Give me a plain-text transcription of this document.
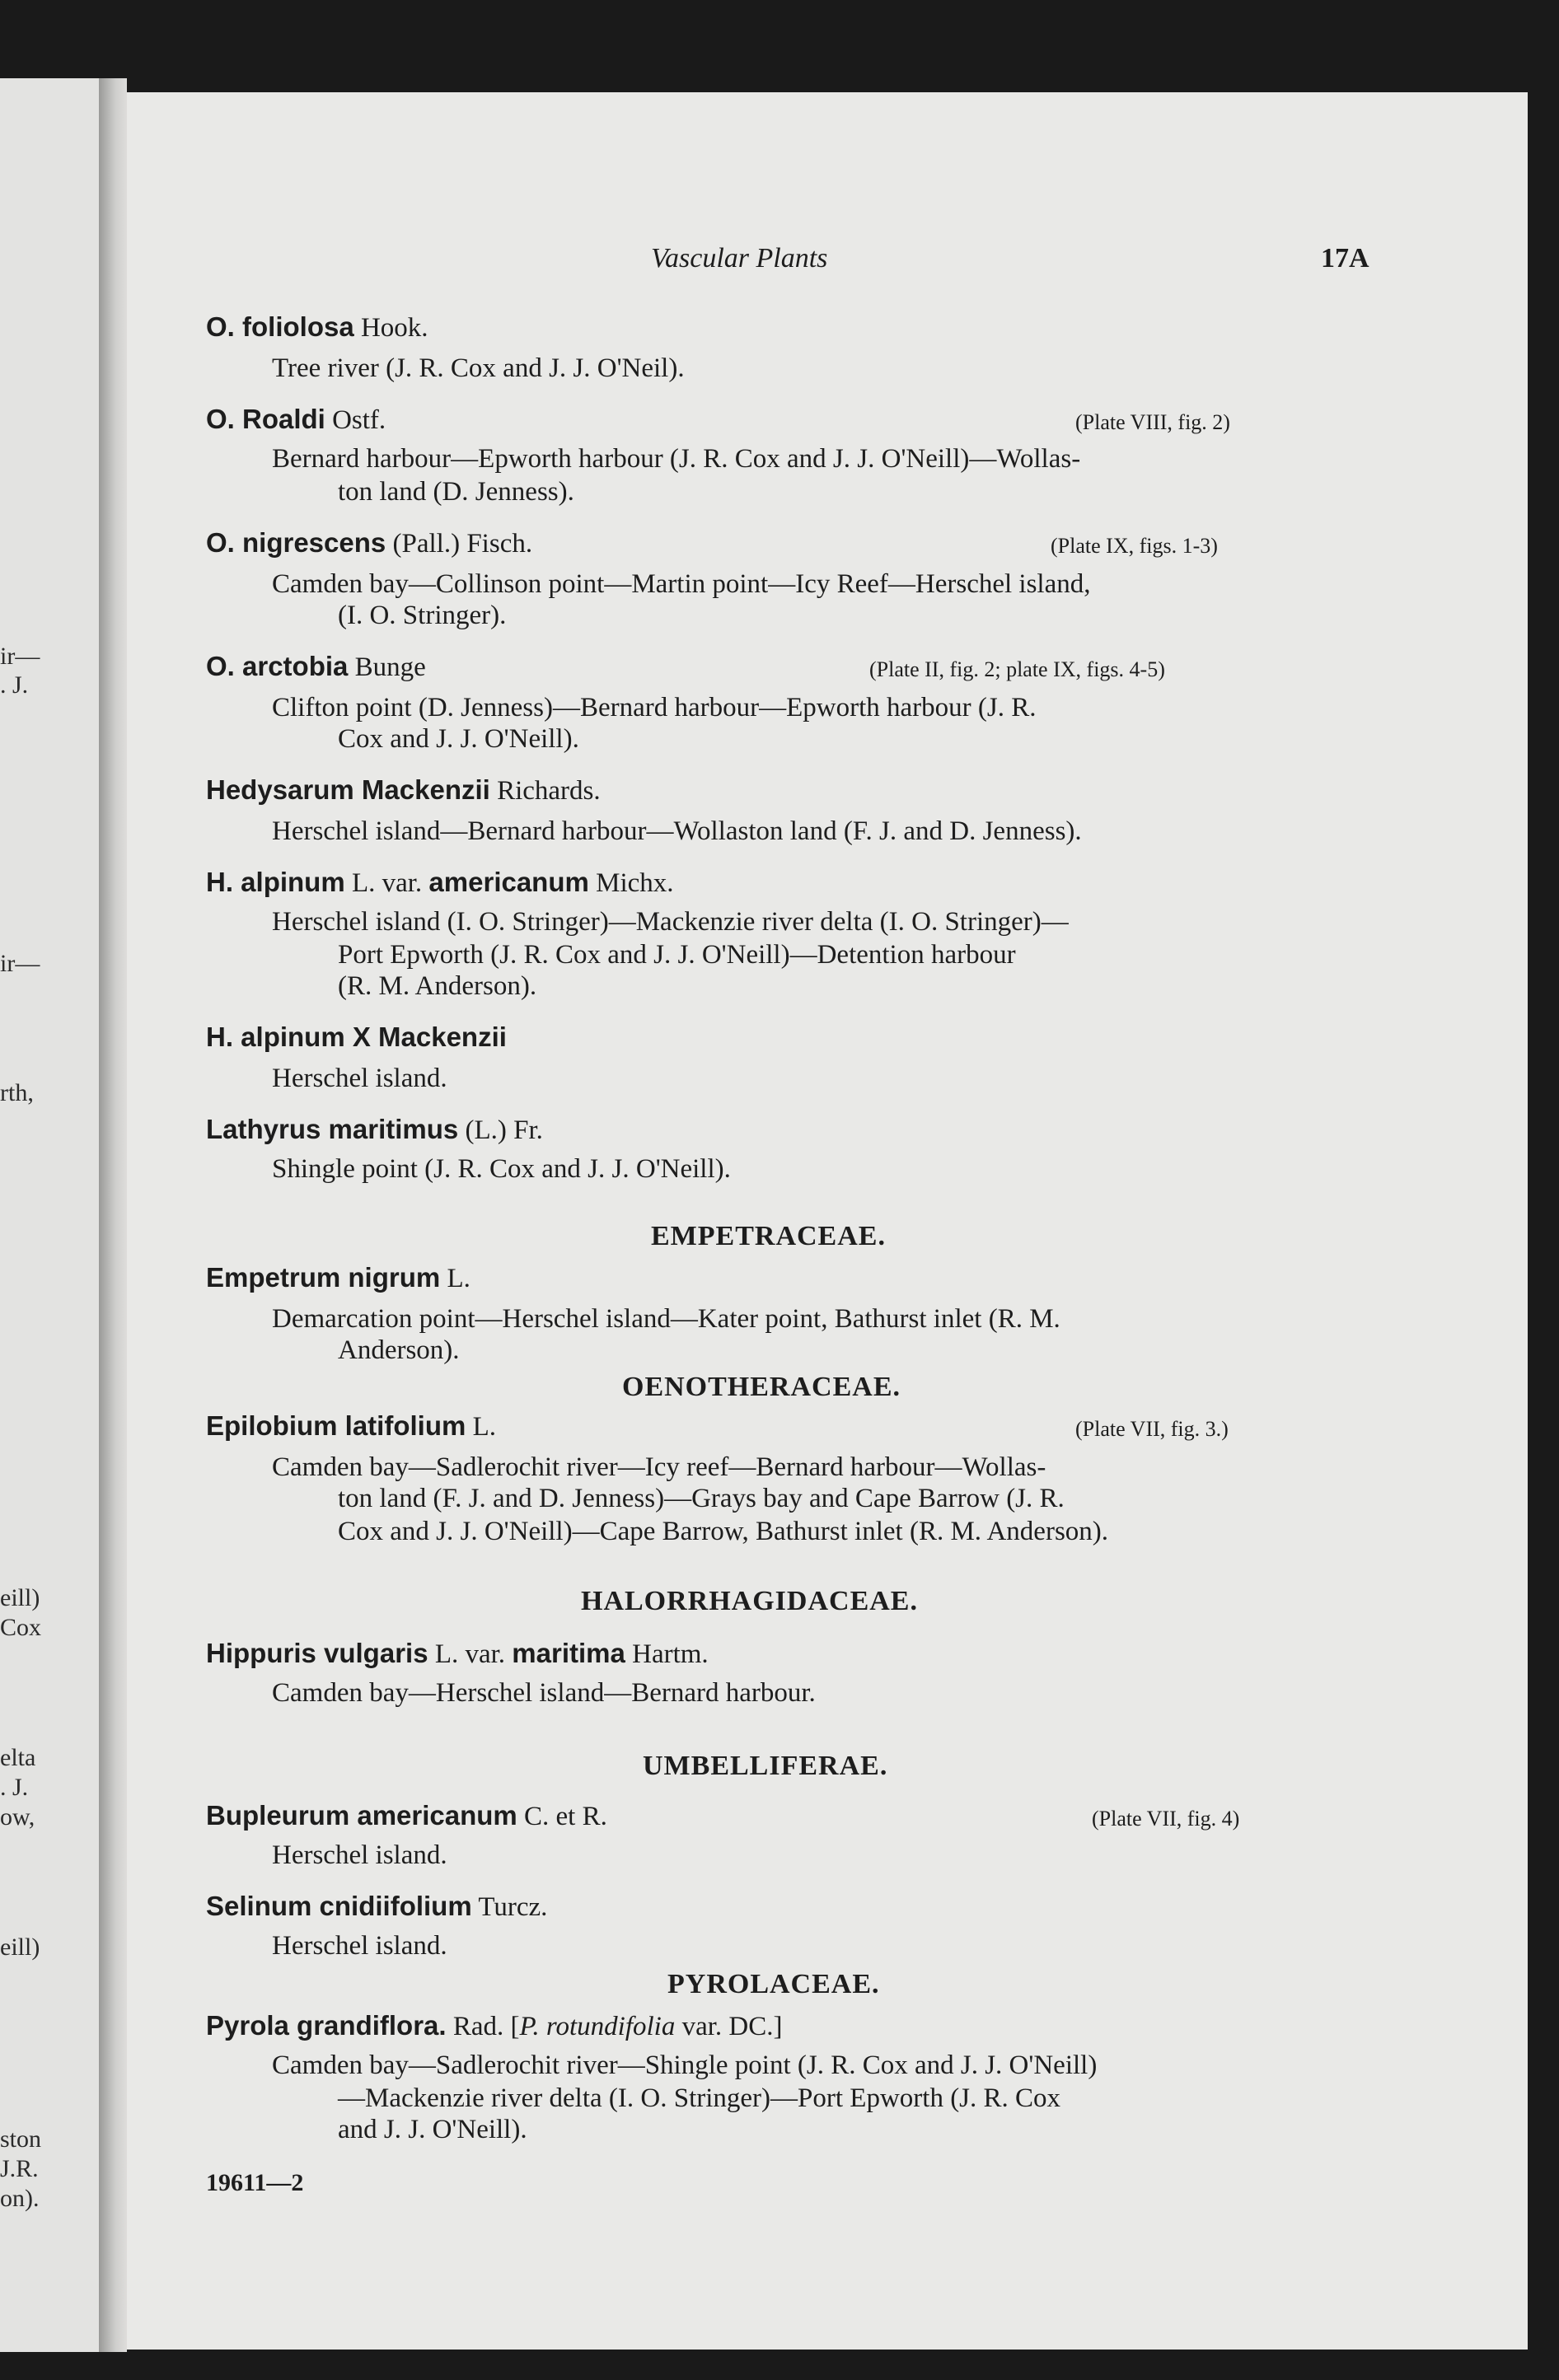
ir—
. J.
ir—
rth,
eill)
Cox
elta
. J.
ow,
eill)
ston
J.R.
on).
Vascular Plants	17A
O. foliolosa Hook.
Tree river (J. R. Cox and J. J. O'Neil).
O. Roaldi Ostf.	(Plate VIII, fig. 2)
Bernard harbour—Epworth harbour (J. R. Cox and J. J. O'Neill)—Wollas-
ton land (D. Jenness).
O. nigrescens (Pall.) Fisch.	(Plate IX, figs. 1-3)
Camden bay—Collinson point—Martin point—Icy Reef—Herschel island,
(I. O. Stringer).
O. arctobia Bunge	(Plate II, fig. 2; plate IX, figs. 4-5)
Clifton point (D. Jenness)—Bernard harbour—Epworth harbour (J. R.
Cox and J. J. O'Neill).
Hedysarum Mackenzii Richards.
Herschel island—Bernard harbour—Wollaston land (F. J. and D. Jenness).
H. alpinum L. var. americanum Michx.
Herschel island (I. O. Stringer)—Mackenzie river delta (I. O. Stringer)—
Port Epworth (J. R. Cox and J. J. O'Neill)—Detention harbour
(R. M. Anderson).
H. alpinum X Mackenzii
Herschel island.
Lathyrus maritimus (L.) Fr.
Shingle point (J. R. Cox and J. J. O'Neill).
EMPETRACEAE.
Empetrum nigrum L.
Demarcation point—Herschel island—Kater point, Bathurst inlet (R. M.
Anderson).
OENOTHERACEAE.
Epilobium latifolium L.	(Plate VII, fig. 3.)
Camden bay—Sadlerochit river—Icy reef—Bernard harbour—Wollas-
ton land (F. J. and D. Jenness)—Grays bay and Cape Barrow (J. R.
Cox and J. J. O'Neill)—Cape Barrow, Bathurst inlet (R. M. Anderson).
HALORRHAGIDACEAE.
Hippuris vulgaris L. var. maritima Hartm.
Camden bay—Herschel island—Bernard harbour.
UMBELLIFERAE.
Bupleurum americanum C. et R.	(Plate VII, fig. 4)
Herschel island.
Selinum cnidiifolium Turcz.
Herschel island.
PYROLACEAE.
Pyrola grandiflora. Rad. [P. rotundifolia var. DC.]
Camden bay—Sadlerochit river—Shingle point (J. R. Cox and J. J. O'Neill)
—Mackenzie river delta (I. O. Stringer)—Port Epworth (J. R. Cox
and J. J. O'Neill).
19611—2
